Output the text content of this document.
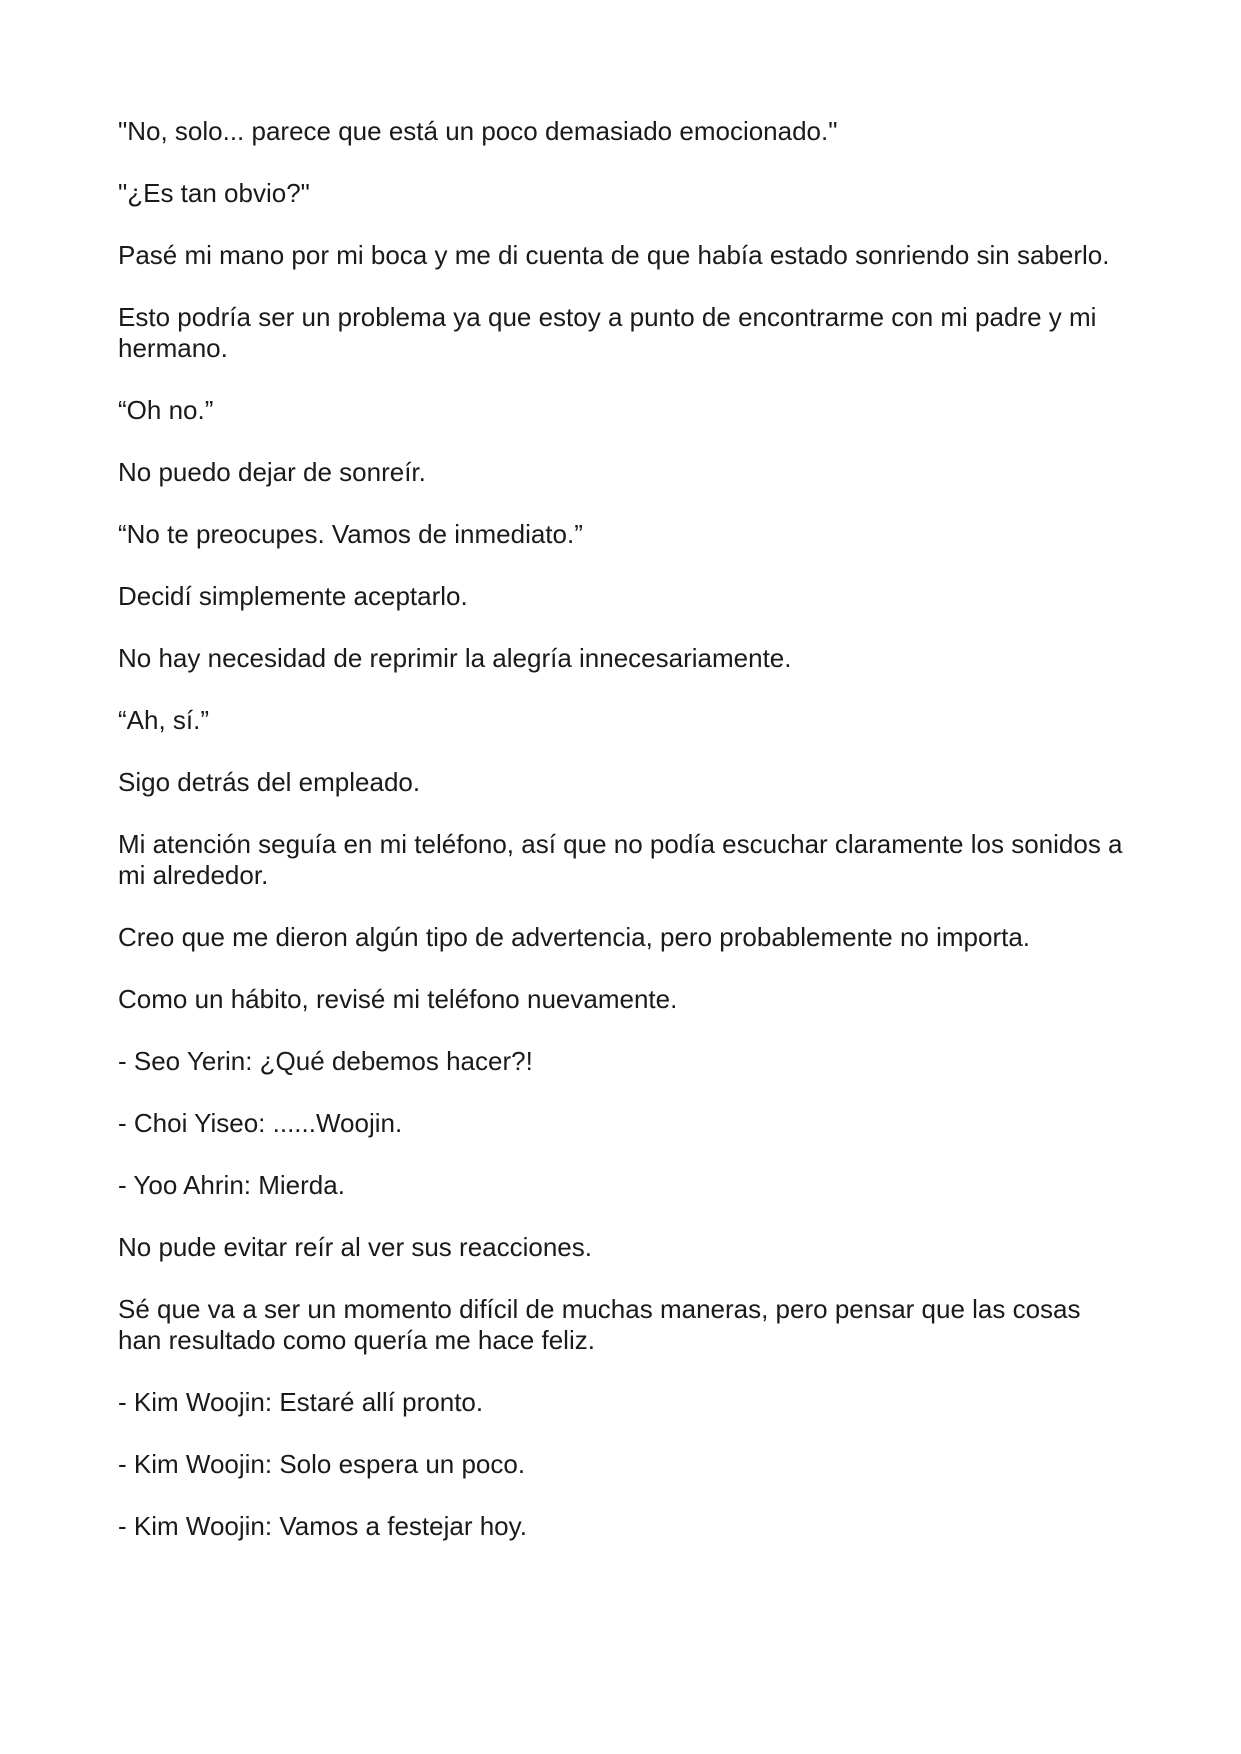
"No, solo... parece que está un poco demasiado emocionado."

"¿Es tan obvio?"

Pasé mi mano por mi boca y me di cuenta de que había estado sonriendo sin saberlo.

Esto podría ser un problema ya que estoy a punto de encontrarme con mi padre y mi hermano.

“Oh no.”

No puedo dejar de sonreír.

“No te preocupes. Vamos de inmediato.”

Decidí simplemente aceptarlo.

No hay necesidad de reprimir la alegría innecesariamente.

“Ah, sí.”

Sigo detrás del empleado.

Mi atención seguía en mi teléfono, así que no podía escuchar claramente los sonidos a mi alrededor.

Creo que me dieron algún tipo de advertencia, pero probablemente no importa.

Como un hábito, revisé mi teléfono nuevamente.

- Seo Yerin: ¿Qué debemos hacer?!

- Choi Yiseo: ......Woojin.

- Yoo Ahrin: Mierda.

No pude evitar reír al ver sus reacciones.

Sé que va a ser un momento difícil de muchas maneras, pero pensar que las cosas han resultado como quería me hace feliz.

- Kim Woojin: Estaré allí pronto.

- Kim Woojin: Solo espera un poco.

- Kim Woojin: Vamos a festejar hoy.
